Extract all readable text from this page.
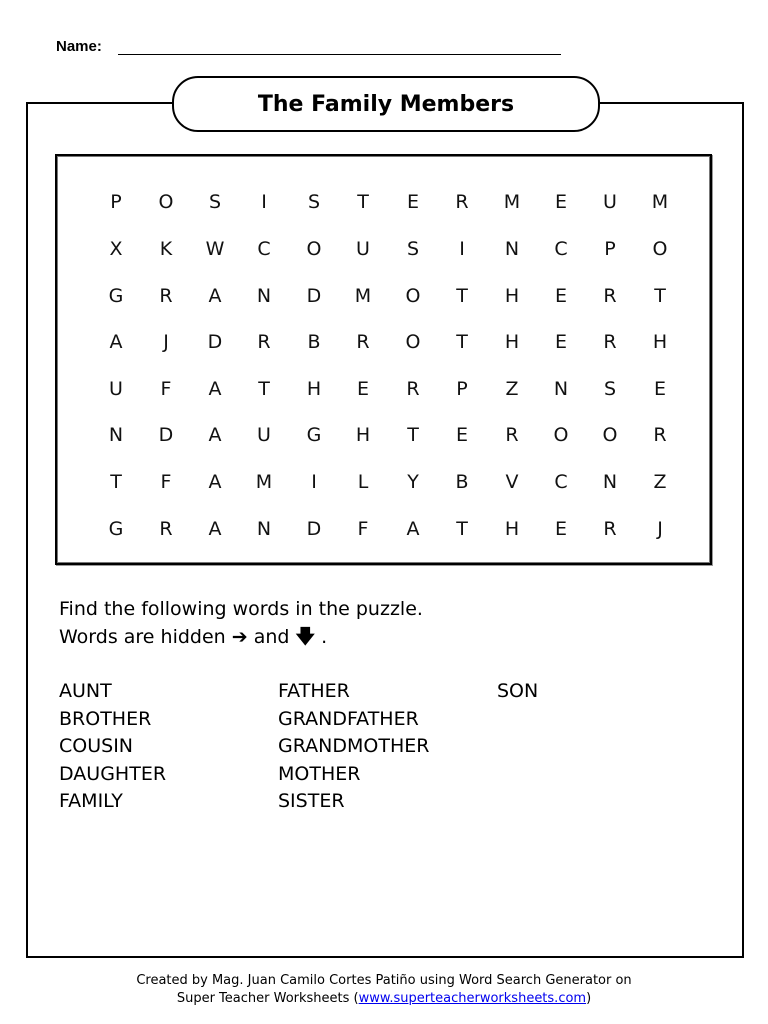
Name:
The Family Members
P	O	S	I	S	T	E	R	M	E	U	M
X	K	W	C	O	U	S	I	N	C	P	O
G	R	A	N	D	M	O	T	H	E	R	T
A	J	D	R	B	R	O	T	H	E	R	H
U	F	A	T	H	E	R	P	Z	N	S	E
N	D	A	U	G	H	T	E	R	O	O	R
T	F	A	M	I	L	Y	B	V	C	N	Z
G	R	A	N	D	F	A	T	H	E	R	J
Find the following words in the puzzle.
Words are hidden ➔ and 🡇 .
AUNT
BROTHER
COUSIN
DAUGHTER
FAMILY
FATHER
GRANDFATHER
GRANDMOTHER
MOTHER
SISTER
SON
Created by Mag. Juan Camilo Cortes Patiño using Word Search Generator on
Super Teacher Worksheets (www.superteacherworksheets.com)
